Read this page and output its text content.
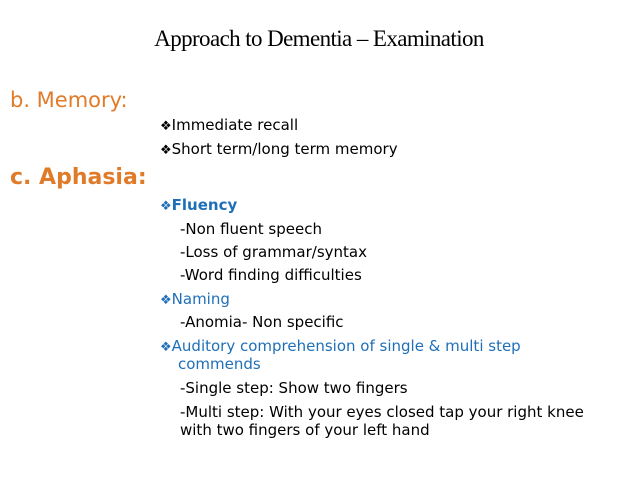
Approach to Dementia – Examination
b. Memory:
❖Immediate recall
❖Short term/long term memory
c. Aphasia:
❖Fluency
-Non fluent speech
-Loss of grammar/syntax
-Word finding difficulties
❖Naming
-Anomia- Non specific
❖Auditory comprehension of single & multi step
commends
-Single step: Show two fingers
-Multi step: With your eyes closed tap your right knee
with two fingers of your left hand
